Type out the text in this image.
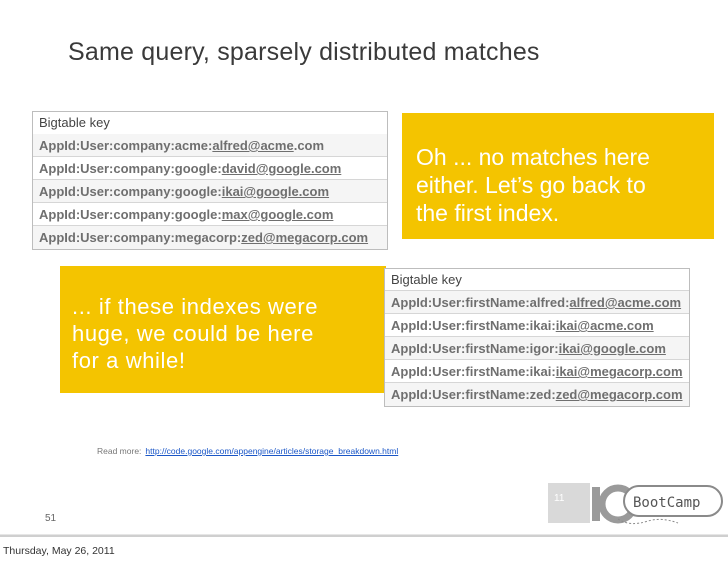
Same query, sparsely distributed matches
Bigtable key
AppId:User:company:acme:alfred@acme.com
AppId:User:company:google:david@google.com
AppId:User:company:google:ikai@google.com
AppId:User:company:google:max@google.com
AppId:User:company:megacorp:zed@megacorp.com
Oh ... no matches here
either. Let’s go back to
the first index.
... if these indexes were
huge, we could be here
for a while!
Bigtable key
AppId:User:firstName:alfred:alfred@acme.com
AppId:User:firstName:ikai:ikai@acme.com
AppId:User:firstName:igor:ikai@google.com
AppId:User:firstName:ikai:ikai@megacorp.com
AppId:User:firstName:zed:zed@megacorp.com
Read more: http://code.google.com/appengine/articles/storage_breakdown.html
51
11	BootCamp
Thursday, May 26, 2011
